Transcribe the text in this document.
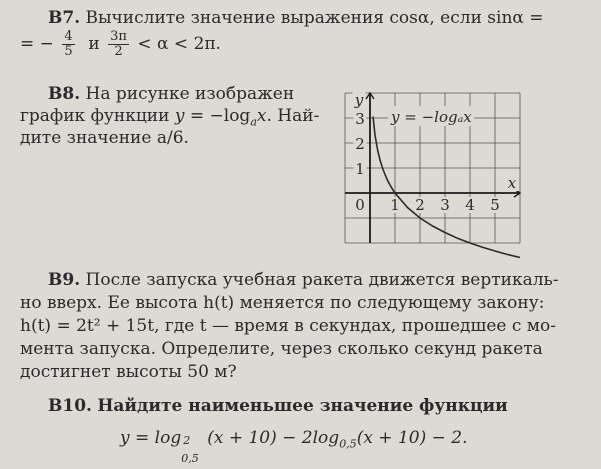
В7. Вычислите значение выражения cosα, если sinα =
= − $\frac{4}{5}$ и $\frac{3\pi}{2} < \alpha < 2\pi$.
В8. На рисунке изображен
график функции $y = -\log_ax$. Най-
дите значение a/6.
0 1 2 3 4 5
1
2
3
x
y
y = −logₐx
В9. После запуска учебная ракета движется вертикаль-
но вверх. Ее высота h(t) меняется по следующему закону:
h(t) = 2t² + 15t, где t — время в секундах, прошедшее с мо-
мента запуска. Определите, через сколько секунд ракета
достигнет высоты 50 м?
В10. Найдите наименьшее значение функции
y = log 2
0,5
$(x + 10) - 2\log_{0,5}(x + 10) - 2$.
